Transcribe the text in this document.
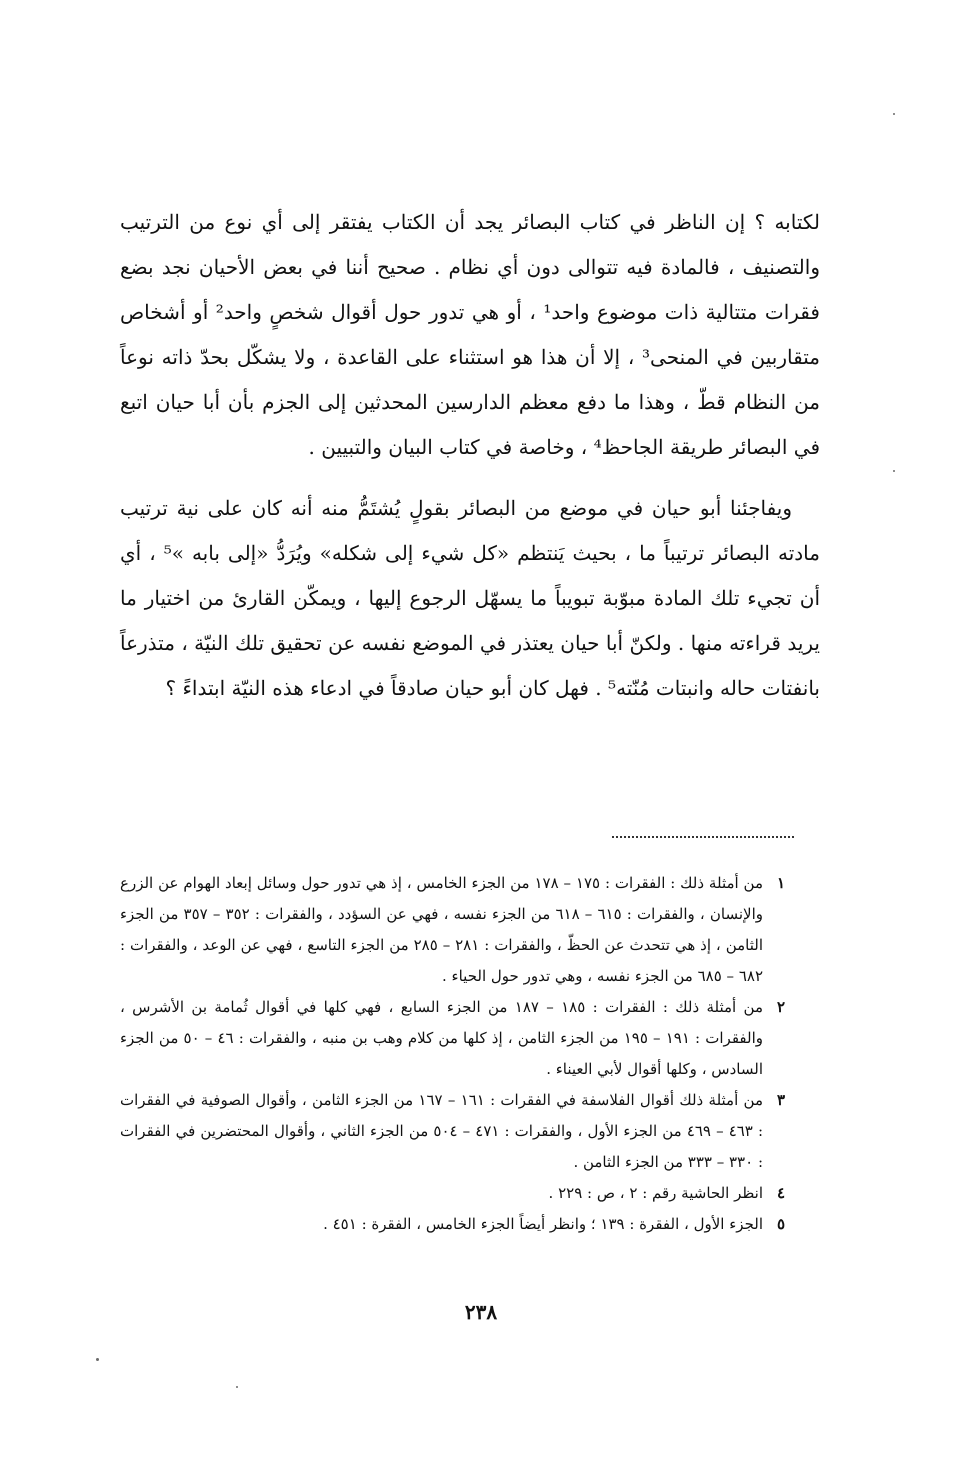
لكتابه ؟ إن الناظر في كتاب البصائر يجد أن الكتاب يفتقر إلى أي نوع من الترتيب والتصنيف ، فالمادة فيه تتوالى دون أي نظام . صحيح أننا في بعض الأحيان نجد بضع فقرات متتالية ذات موضوع واحد¹ ، أو هي تدور حول أقوال شخصٍ واحد² أو أشخاص متقاربين في المنحى³ ، إلا أن هذا هو استثناء على القاعدة ، ولا يشكّل بحدّ ذاته نوعاً من النظام قطّ ، وهذا ما دفع معظم الدارسين المحدثين إلى الجزم بأن أبا حيان اتبع في البصائر طريقة الجاحظ⁴ ، وخاصة في كتاب البيان والتبيين .

ويفاجئنا أبو حيان في موضع من البصائر بقولٍ يُشتَمُّ منه أنه كان على نية ترتيب مادته البصائر ترتيباً ما ، بحيث يَنتظم «كل شيء إلى شكله» ويُرَدُّ «إلى بابه »⁵ ، أي أن تجيء تلك المادة مبوّبة تبويباً ما يسهّل الرجوع إليها ، ويمكّن القارئ من اختيار ما يريد قراءته منها . ولكنّ أبا حيان يعتذر في الموضع نفسه عن تحقيق تلك النيّة ، متذرعاً بانفتات حاله وانبتات مُنّته⁵ . فهل كان أبو حيان صادقاً في ادعاء هذه النيّة ابتداءً ؟

١
من أمثلة ذلك : الفقرات : ١٧٥ – ١٧٨ من الجزء الخامس ، إذ هي تدور حول وسائل إبعاد الهوام عن الزرع والإنسان ، والفقرات : ٦١٥ – ٦١٨ من الجزء نفسه ، فهي عن السؤدد ، والفقرات : ٣٥٢ – ٣٥٧ من الجزء الثامن ، إذ هي تتحدث عن الحظّ ، والفقرات : ٢٨١ – ٢٨٥ من الجزء التاسع ، فهي عن الوعد ، والفقرات : ٦٨٢ – ٦٨٥ من الجزء نفسه ، وهي تدور حول الحياء .
٢
من أمثلة ذلك : الفقرات : ١٨٥ – ١٨٧ من الجزء السابع ، فهي كلها في أقوال ثُمامة بن الأشرس ، والفقرات : ١٩١ – ١٩٥ من الجزء الثامن ، إذ كلها من كلام وهب بن منبه ، والفقرات : ٤٦ – ٥٠ من الجزء السادس ، وكلها أقوال لأبي العيناء .
٣
من أمثلة ذلك أقوال الفلاسفة في الفقرات : ١٦١ – ١٦٧ من الجزء الثامن ، وأقوال الصوفية في الفقرات : ٤٦٣ – ٤٦٩ من الجزء الأول ، والفقرات : ٤٧١ – ٥٠٤ من الجزء الثاني ، وأقوال المحتضرين في الفقرات : ٣٣٠ – ٣٣٣ من الجزء الثامن .
٤
انظر الحاشية رقم : ٢ ، ص : ٢٢٩ .
٥
الجزء الأول ، الفقرة : ١٣٩ ؛ وانظر أيضاً الجزء الخامس ، الفقرة : ٤٥١ .
٢٣٨
